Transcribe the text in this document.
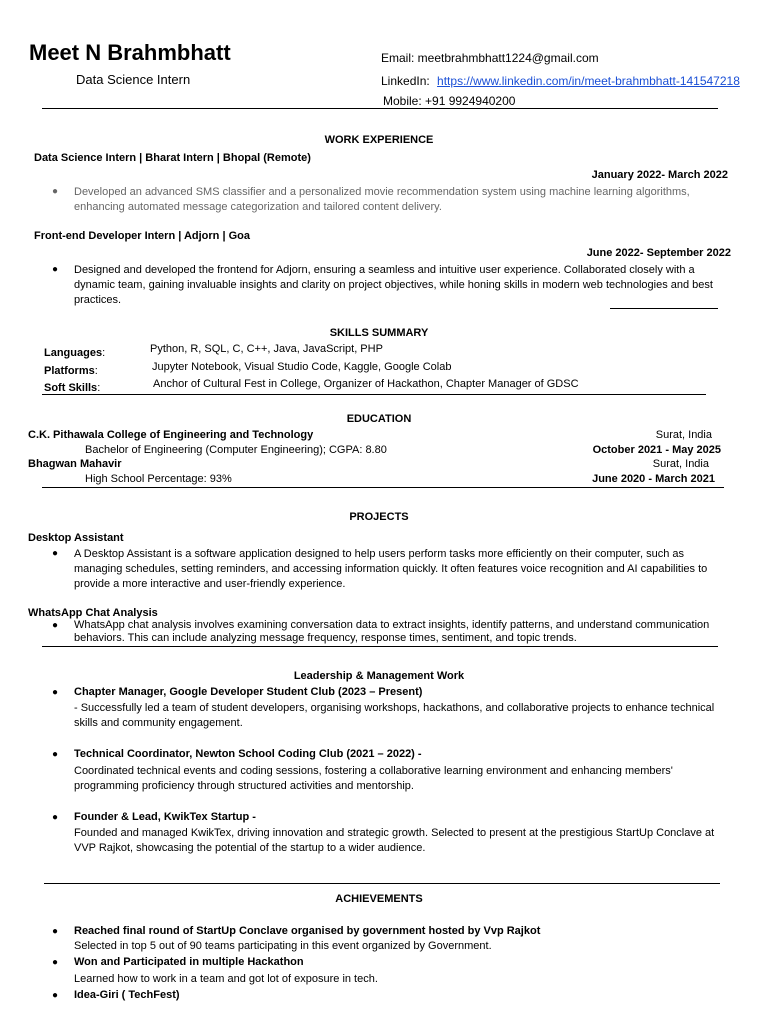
Meet N Brahmbhatt
Data Science Intern
Email: meetbrahmbhatt1224@gmail.com
LinkedIn: https://www.linkedin.com/in/meet-brahmbhatt-141547218
Mobile: +91 9924940200
WORK EXPERIENCE
Data Science Intern | Bharat Intern | Bhopal (Remote)
January 2022- March 2022
● Developed an advanced SMS classifier and a personalized movie recommendation system using machine learning algorithms, enhancing automated message categorization and tailored content delivery.
Front-end Developer Intern | Adjorn | Goa
June 2022- September 2022
● Designed and developed the frontend for Adjorn, ensuring a seamless and intuitive user experience. Collaborated closely with a dynamic team, gaining invaluable insights and clarity on project objectives, while honing skills in modern web technologies and best practices.
SKILLS SUMMARY
Languages:	Python, R, SQL, C, C++, Java, JavaScript, PHP
Platforms:	Jupyter Notebook, Visual Studio Code, Kaggle, Google Colab
Soft Skills:	Anchor of Cultural Fest in College, Organizer of Hackathon, Chapter Manager of GDSC
EDUCATION
C.K. Pithawala College of Engineering and Technology	Surat, India
Bachelor of Engineering (Computer Engineering); CGPA: 8.80	October 2021 - May 2025
Bhagwan Mahavir	Surat, India
High School Percentage: 93%	June 2020 - March 2021
PROJECTS
Desktop Assistant
● A Desktop Assistant is a software application designed to help users perform tasks more efficiently on their computer, such as managing schedules, setting reminders, and accessing information quickly. It often features voice recognition and AI capabilities to provide a more interactive and user-friendly experience.
WhatsApp Chat Analysis
● WhatsApp chat analysis involves examining conversation data to extract insights, identify patterns, and understand communication behaviors. This can include analyzing message frequency, response times, sentiment, and topic trends.
Leadership & Management Work
● Chapter Manager, Google Developer Student Club (2023 – Present)
- Successfully led a team of student developers, organising workshops, hackathons, and collaborative projects to enhance technical skills and community engagement.
● Technical Coordinator, Newton School Coding Club (2021 – 2022) -
Coordinated technical events and coding sessions, fostering a collaborative learning environment and enhancing members' programming proficiency through structured activities and mentorship.
● Founder & Lead, KwikTex Startup -
Founded and managed KwikTex, driving innovation and strategic growth. Selected to present at the prestigious StartUp Conclave at VVP Rajkot, showcasing the potential of the startup to a wider audience.
ACHIEVEMENTS
● Reached final round of StartUp Conclave organised by government hosted by Vvp Rajkot
Selected in top 5 out of 90 teams participating in this event organized by Government.
● Won and Participated in multiple Hackathon
Learned how to work in a team and got lot of exposure in tech.
● Idea-Giri ( TechFest)
